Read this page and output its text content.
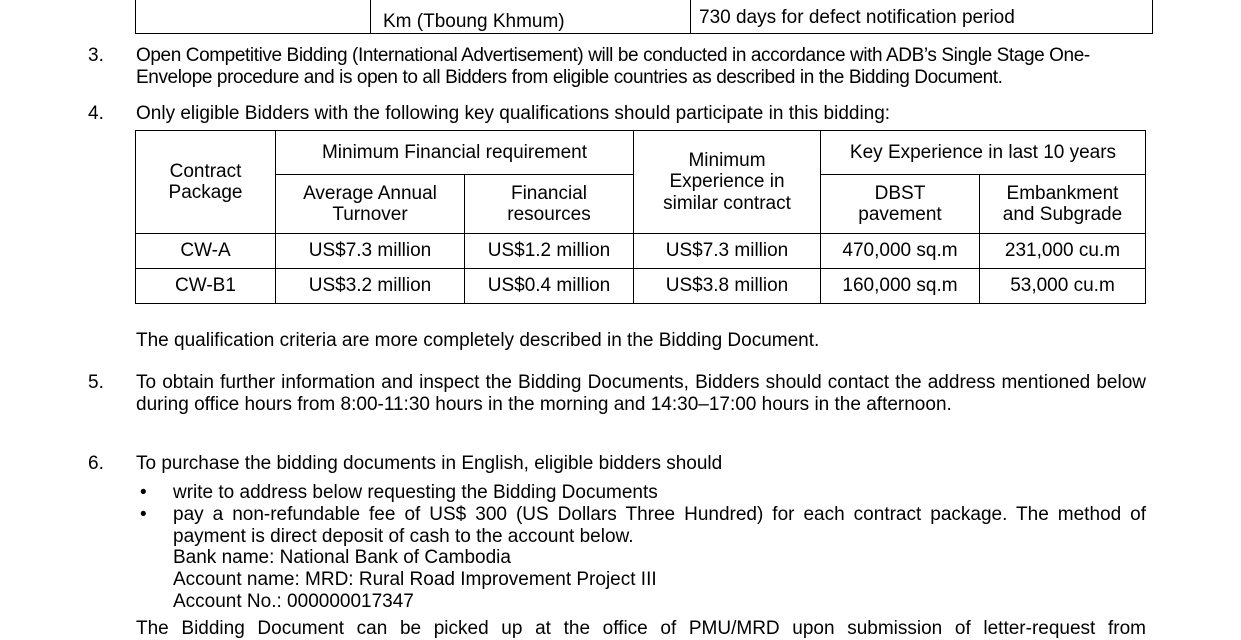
	Km (Tboung Khmum)	730 days for defect notification period
3. Open Competitive Bidding (International Advertisement) will be conducted in accordance with ADB’s Single Stage One-Envelope procedure and is open to all Bidders from eligible countries as described in the Bidding Document.
4. Only eligible Bidders with the following key qualifications should participate in this bidding:
Contract Package	Minimum Financial requirement		Minimum Experience in similar contract	Key Experience in last 10 years	

	Average Annual Turnover	Financial resources		DBST pavement	Embankment and Subgrade

CW-A	US$7.3 million	US$1.2 million	US$7.3 million	470,000 sq.m	231,000 cu.m
CW-B1	US$3.2 million	US$0.4 million	US$3.8 million	160,000 sq.m	53,000 cu.m
The qualification criteria are more completely described in the Bidding Document.
5. To obtain further information and inspect the Bidding Documents, Bidders should contact the address mentioned below during office hours from 8:00-11:30 hours in the morning and 14:30–17:00 hours in the afternoon.
6. To purchase the bidding documents in English, eligible bidders should
• write to address below requesting the Bidding Documents
• pay a non-refundable fee of US$ 300 (US Dollars Three Hundred) for each contract package. The method of payment is direct deposit of cash to the account below.
Bank name: National Bank of Cambodia
Account name: MRD: Rural Road Improvement Project III
Account No.: 000000017347
The Bidding Document can be picked up at the office of PMU/MRD upon submission of letter-request from
